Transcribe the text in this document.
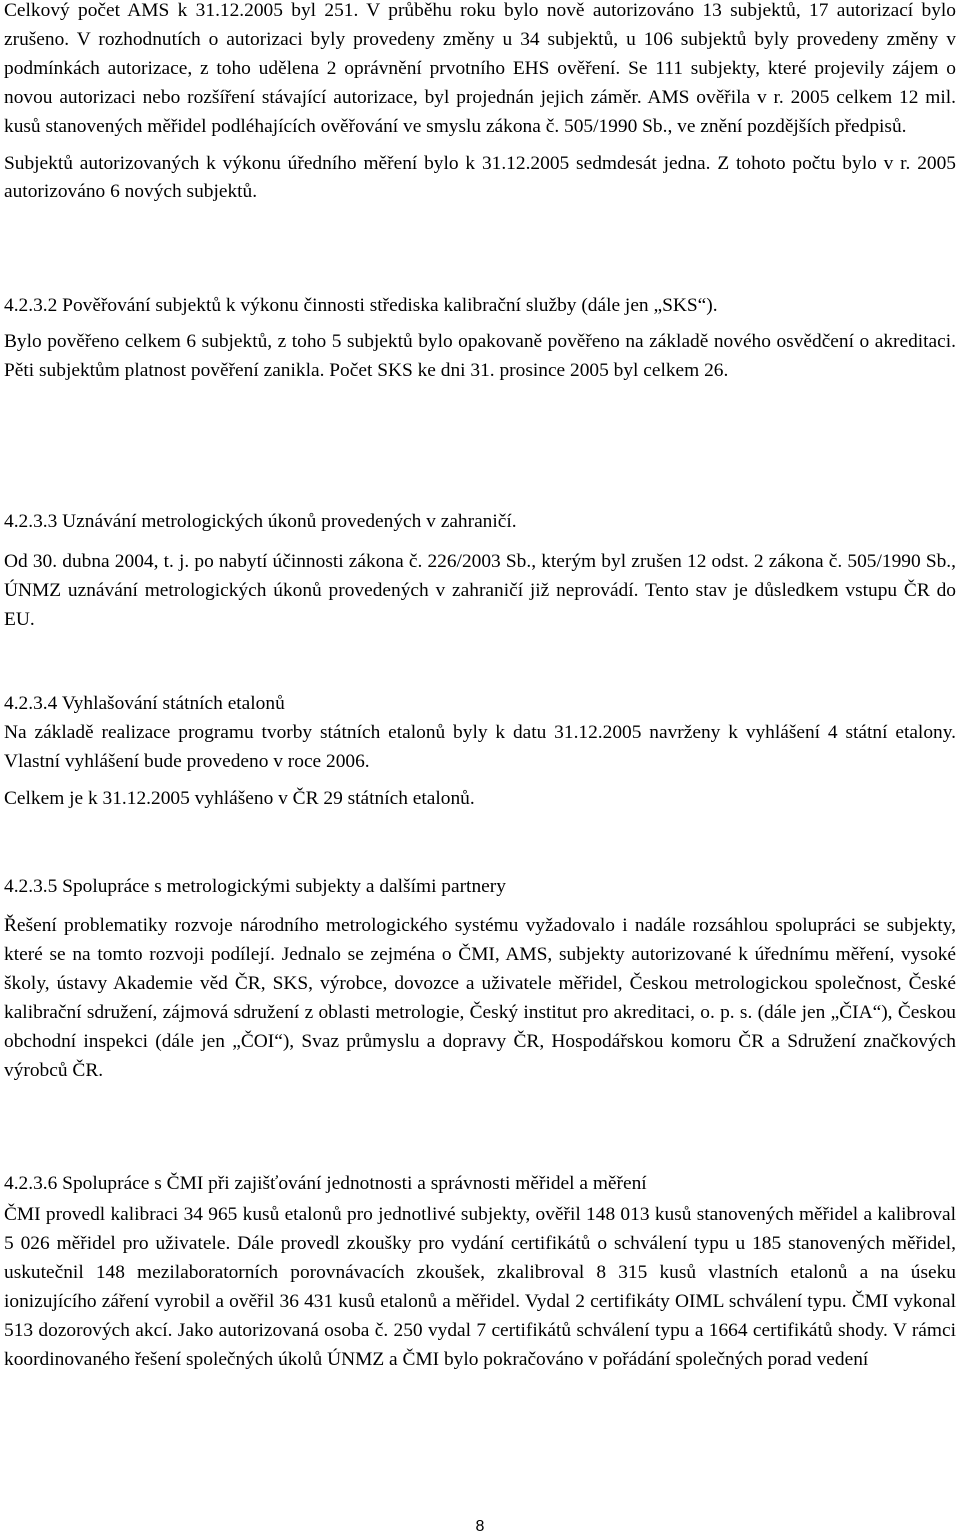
Celkový počet AMS k 31.12.2005 byl 251. V průběhu roku bylo nově autorizováno 13 subjektů, 17 autorizací bylo zrušeno. V rozhodnutích o autorizaci byly provedeny změny u 34 subjektů, u 106 subjektů byly provedeny změny v podmínkách autorizace, z toho udělena 2 oprávnění prvotního EHS ověření. Se 111 subjekty, které projevily zájem o novou autorizaci nebo rozšíření stávající autorizace, byl projednán jejich záměr. AMS ověřila v r. 2005 celkem 12 mil. kusů stanovených měřidel podléhajících ověřování ve smyslu zákona č. 505/1990 Sb., ve znění pozdějších předpisů.

Subjektů autorizovaných k výkonu úředního měření bylo k 31.12.2005 sedmdesát jedna. Z tohoto počtu bylo v r. 2005 autorizováno 6 nových subjektů.

4.2.3.2 Pověřování subjektů k výkonu činnosti střediska kalibrační služby (dále jen „SKS“).

Bylo pověřeno celkem 6 subjektů, z toho 5 subjektů bylo opakovaně pověřeno na základě nového osvědčení o akreditaci. Pěti subjektům platnost pověření zanikla. Počet SKS ke dni 31. prosince 2005 byl celkem 26.

4.2.3.3 Uznávání metrologických úkonů provedených v zahraničí.

Od 30. dubna 2004, t. j. po nabytí účinnosti zákona č. 226/2003 Sb., kterým byl zrušen 12 odst. 2 zákona č. 505/1990 Sb., ÚNMZ uznávání metrologických úkonů provedených v zahraničí již neprovádí. Tento stav je důsledkem vstupu ČR do EU.

4.2.3.4 Vyhlašování státních etalonů

Na základě realizace programu tvorby státních etalonů byly k datu 31.12.2005 navrženy k vyhlášení 4 státní etalony. Vlastní vyhlášení bude provedeno v roce 2006.

Celkem je k 31.12.2005 vyhlášeno v ČR 29 státních etalonů.

4.2.3.5 Spolupráce s metrologickými subjekty a dalšími partnery

Řešení problematiky rozvoje národního metrologického systému vyžadovalo i nadále rozsáhlou spolupráci se subjekty, které se na tomto rozvoji podílejí. Jednalo se zejména o ČMI, AMS, subjekty autorizované k úřednímu měření, vysoké školy, ústavy Akademie věd ČR, SKS, výrobce, dovozce a uživatele měřidel, Českou metrologickou společnost, České kalibrační sdružení, zájmová sdružení z oblasti metrologie, Český institut pro akreditaci, o. p. s. (dále jen „ČIA“), Českou obchodní inspekci (dále jen „ČOI“), Svaz průmyslu a dopravy ČR, Hospodářskou komoru ČR a Sdružení značkových výrobců ČR.

4.2.3.6 Spolupráce s ČMI při zajišťování jednotnosti a správnosti měřidel a měření

ČMI provedl kalibraci 34 965 kusů etalonů pro jednotlivé subjekty, ověřil 148 013 kusů stanovených měřidel a kalibroval 5 026 měřidel pro uživatele. Dále provedl zkoušky pro vydání certifikátů o schválení typu u 185 stanovených měřidel, uskutečnil 148 mezilaboratorních porovnávacích zkoušek, zkalibroval 8 315 kusů vlastních etalonů a na úseku ionizujícího záření vyrobil a ověřil 36 431 kusů etalonů a měřidel. Vydal 2 certifikáty OIML schválení typu. ČMI vykonal 513 dozorových akcí. Jako autorizovaná osoba č. 250 vydal 7 certifikátů schválení typu a 1664 certifikátů shody. V rámci koordinovaného řešení společných úkolů ÚNMZ a ČMI bylo pokračováno v pořádání společných porad vedení

8
